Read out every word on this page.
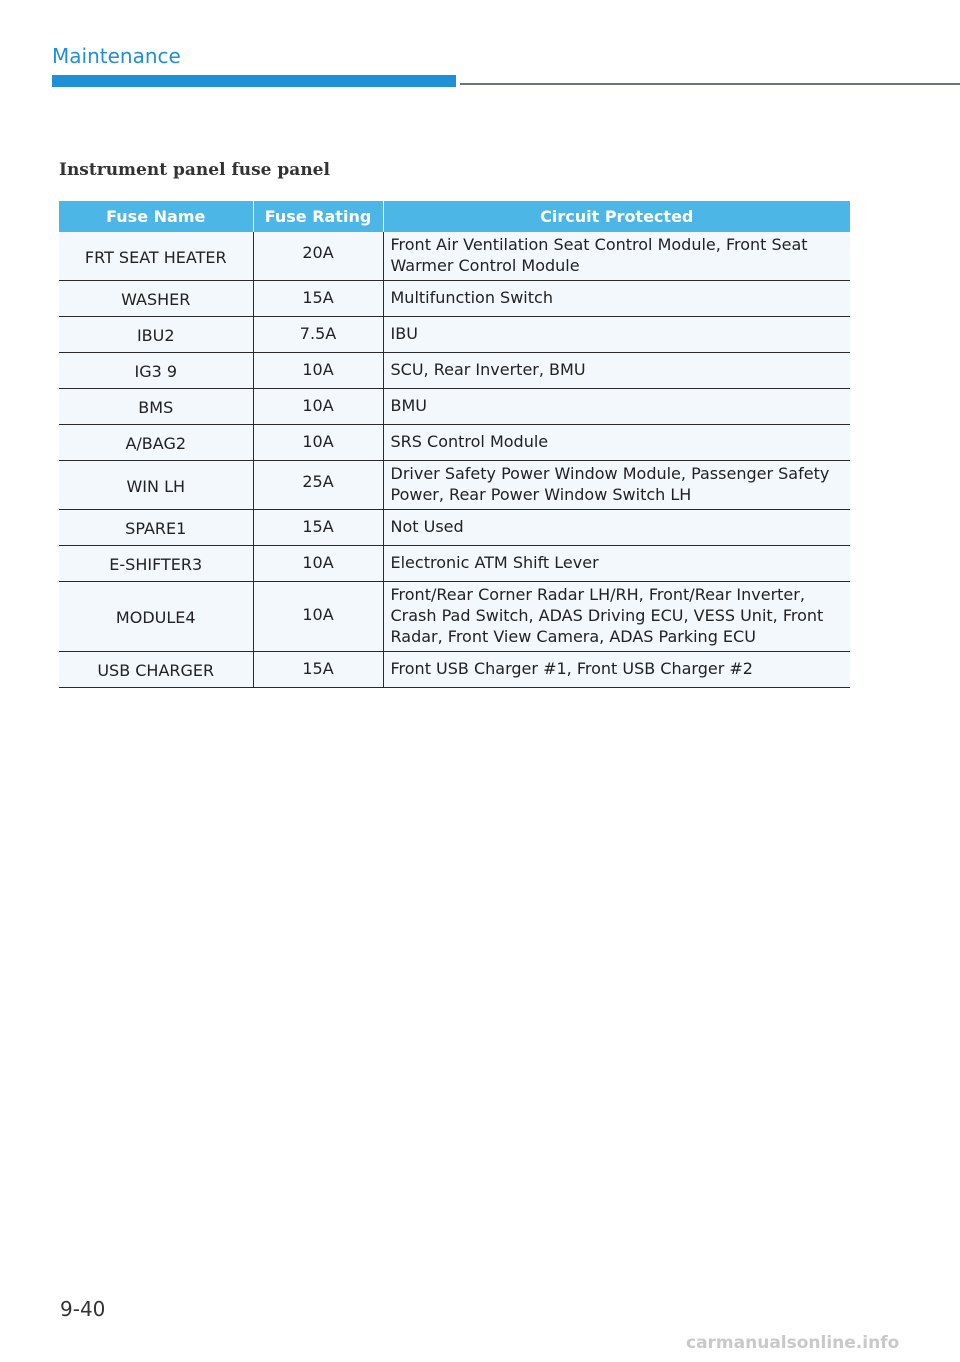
Maintenance
Instrument panel fuse panel
Fuse Name	Fuse Rating	Circuit Protected
FRT SEAT HEATER	20A	Front Air Ventilation Seat Control Module, Front Seat Warmer Control Module
WASHER	15A	Multifunction Switch
IBU2	7.5A	IBU
IG3 9	10A	SCU, Rear Inverter, BMU
BMS	10A	BMU
A/BAG2	10A	SRS Control Module
WIN LH	25A	Driver Safety Power Window Module, Passenger Safety Power, Rear Power Window Switch LH
SPARE1	15A	Not Used
E-SHIFTER3	10A	Electronic ATM Shift Lever
MODULE4	10A	Front/Rear Corner Radar LH/RH, Front/Rear Inverter, Crash Pad Switch, ADAS Driving ECU, VESS Unit, Front Radar, Front View Camera, ADAS Parking ECU
USB CHARGER	15A	Front USB Charger #1, Front USB Charger #2
9-40
carmanualsonline.info
